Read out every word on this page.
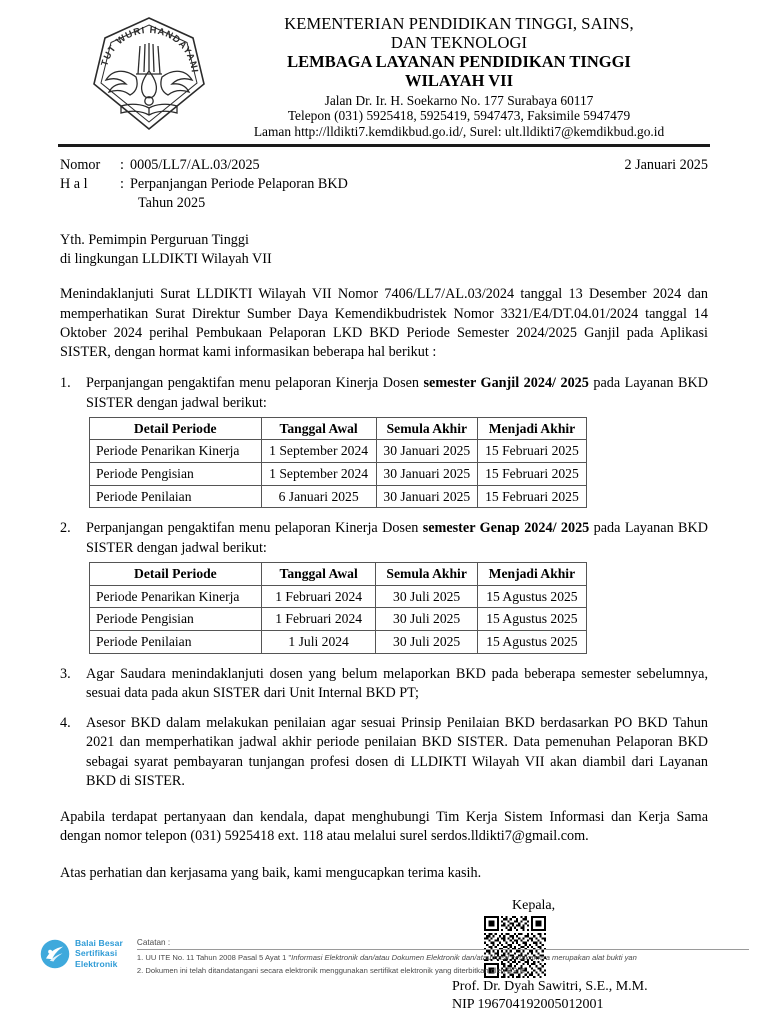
TUT WURI HANDAYANI
KEMENTERIAN PENDIDIKAN TINGGI, SAINS,
DAN TEKNOLOGI
LEMBAGA LAYANAN PENDIDIKAN TINGGI
WILAYAH VII
Jalan Dr. Ir. H. Soekarno No. 177 Surabaya 60117
Telepon (031) 5925418, 5925419, 5947473, Faksimile 5947479
Laman http://lldikti7.kemdikbud.go.id/, Surel: ult.lldikti7@kemdikbud.go.id
2 Januari 2025
Nomor	: 0005/LL7/AL.03/2025
H a l	: Perpanjangan Periode Pelaporan BKD
Tahun 2025
Yth. Pemimpin Perguruan Tinggi
di lingkungan LLDIKTI Wilayah VII

Menindaklanjuti Surat LLDIKTI Wilayah VII Nomor 7406/LL7/AL.03/2024 tanggal 13 Desember 2024 dan memperhatikan Surat Direktur Sumber Daya Kemendikbudristek Nomor 3321/E4/DT.04.01/2024 tanggal 14 Oktober 2024 perihal Pembukaan Pelaporan LKD BKD Periode Semester 2024/2025 Ganjil pada Aplikasi SISTER, dengan hormat kami informasikan beberapa hal berikut :

1.	Perpanjangan pengaktifan menu pelaporan Kinerja Dosen semester Ganjil 2024/ 2025 pada Layanan BKD SISTER dengan jadwal berikut:
Detail Periode	Tanggal Awal	Semula Akhir	Menjadi Akhir
Periode Penarikan Kinerja	1 September 2024	30 Januari 2025	15 Februari 2025
Periode Pengisian	1 September 2024	30 Januari 2025	15 Februari 2025
Periode Penilaian	6 Januari 2025	30 Januari 2025	15 Februari 2025
2.	Perpanjangan pengaktifan menu pelaporan Kinerja Dosen semester Genap 2024/ 2025 pada Layanan BKD SISTER dengan jadwal berikut:
Detail Periode	Tanggal Awal	Semula Akhir	Menjadi Akhir
Periode Penarikan Kinerja	1 Februari 2024	30 Juli 2025	15 Agustus 2025
Periode Pengisian	1 Februari 2024	30 Juli 2025	15 Agustus 2025
Periode Penilaian	1 Juli 2024	30 Juli 2025	15 Agustus 2025
3.	Agar Saudara menindaklanjuti dosen yang belum melaporkan BKD pada beberapa semester sebelumnya, sesuai data pada akun SISTER dari Unit Internal BKD PT;
4.	Asesor BKD dalam melakukan penilaian agar sesuai Prinsip Penilaian BKD berdasarkan PO BKD Tahun 2021 dan memperhatikan jadwal akhir periode penilaian BKD SISTER. Data pemenuhan Pelaporan BKD sebagai syarat pembayaran tunjangan profesi dosen di LLDIKTI Wilayah VII akan diambil dari Layanan BKD di SISTER.

Apabila terdapat pertanyaan dan kendala, dapat menghubungi Tim Kerja Sistem Informasi dan Kerja Sama dengan nomor telepon (031) 5925418 ext. 118 atau melalui surel serdos.lldikti7@gmail.com.

Atas perhatian dan kerjasama yang baik, kami mengucapkan terima kasih.

Kepala,
Prof. Dr. Dyah Sawitri, S.E., M.M.
NIP 196704192005012001
Balai Besar
Sertifikasi
Elektronik
Catatan :
1. UU ITE No. 11 Tahun 2008 Pasal 5 Ayat 1 "Informasi Elektronik dan/atau Dokumen Elektronik dan/atau hasil cetakannya merupakan alat bukti yan
2. Dokumen ini telah ditandatangani secara elektronik menggunakan sertifikat elektronik yang diterbitkan oleh BSrE
